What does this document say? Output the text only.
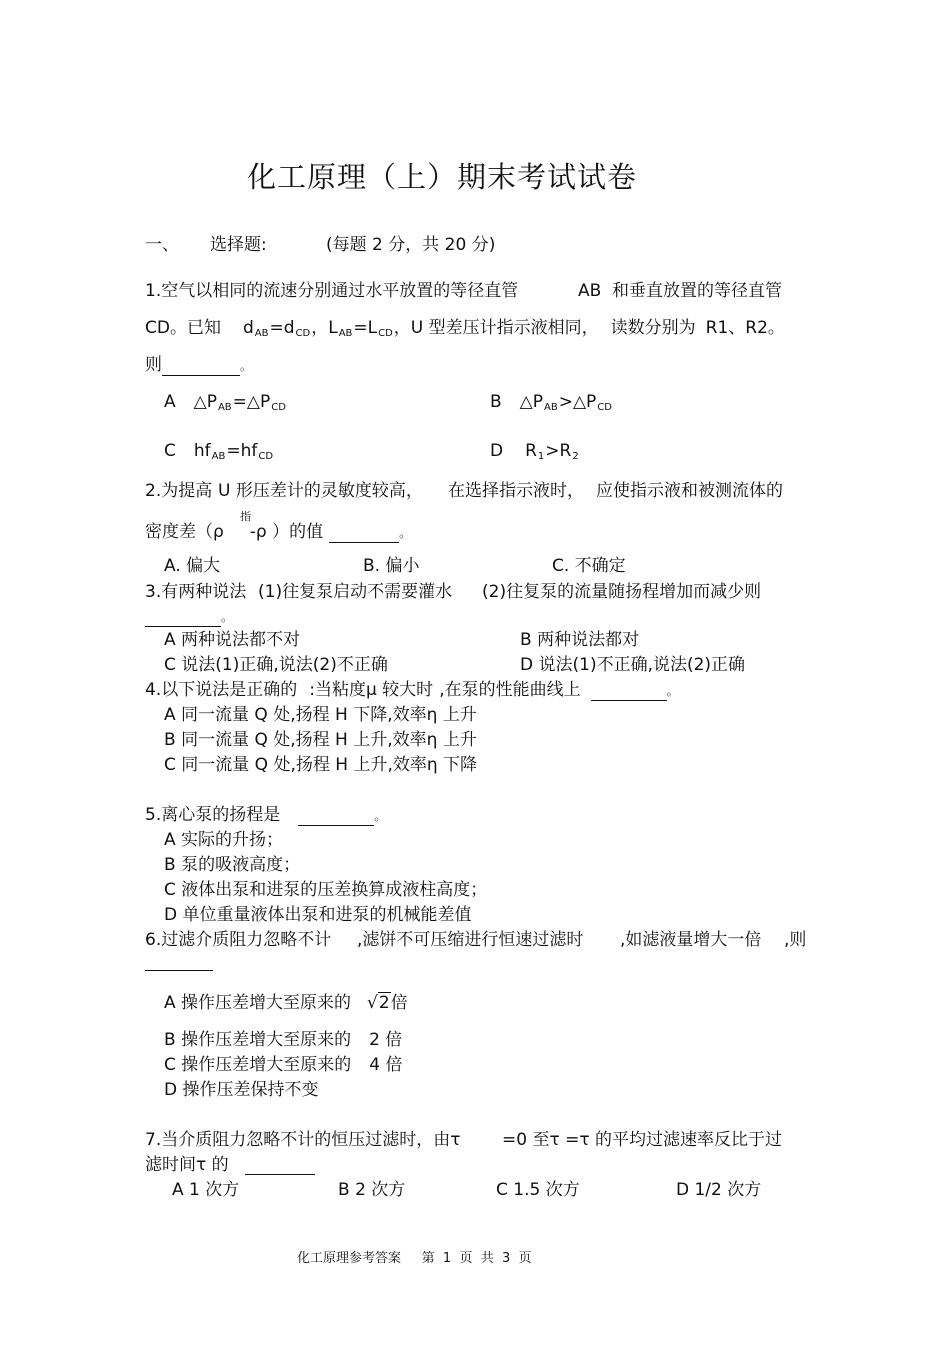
化工原理（上）期末考试试卷
一、 选择题:	(每题 2 分，共 20 分)
1.空气以相同的流速分别通过水平放置的等径直管	AB 和垂直放置的等径直管
CD。已知 dAB=dCD，LAB=LCD，U 型差压计指示液相同， 读数分别为 R1、R2。
则	。
A △PAB=△PCD	B △PAB>△PCD
C hfAB=hfCD	D R1>R2
2.为提高 U 形压差计的灵敏度较高， 在选择指示液时， 应使指示液和被测流体的
指
密度差（ρ -ρ ）的值	。
A. 偏大	B. 偏小	C. 不确定
3.有两种说法 (1)往复泵启动不需要灌水 (2)往复泵的流量随扬程增加而减少则
。
A 两种说法都不对	B 两种说法都对
C 说法(1)正确,说法(2)不正确	D 说法(1)不正确,说法(2)正确
4.以下说法是正确的 :当粘度μ 较大时 ,在泵的性能曲线上	。
A 同一流量 Q 处,扬程 H 下降,效率η 上升
B 同一流量 Q 处,扬程 H 上升,效率η 上升
C 同一流量 Q 处,扬程 H 上升,效率η 下降
5.离心泵的扬程是	。
A 实际的升扬；
B 泵的吸液高度；
C 液体出泵和进泵的压差换算成液柱高度；
D 单位重量液体出泵和进泵的机械能差值
6.过滤介质阻力忽略不计 ,滤饼不可压缩进行恒速过滤时 ,如滤液量增大一倍 ,则
A 操作压差增大至原来的 √2倍
B 操作压差增大至原来的 2 倍
C 操作压差增大至原来的 4 倍
D 操作压差保持不变
7.当介质阻力忽略不计的恒压过滤时，由τ =0 至τ =τ 的平均过滤速率反比于过
滤时间τ 的
A 1 次方	B 2 次方	C 1.5 次方	D 1/2 次方
化工原理参考答案     第  1  页  共  3  页
